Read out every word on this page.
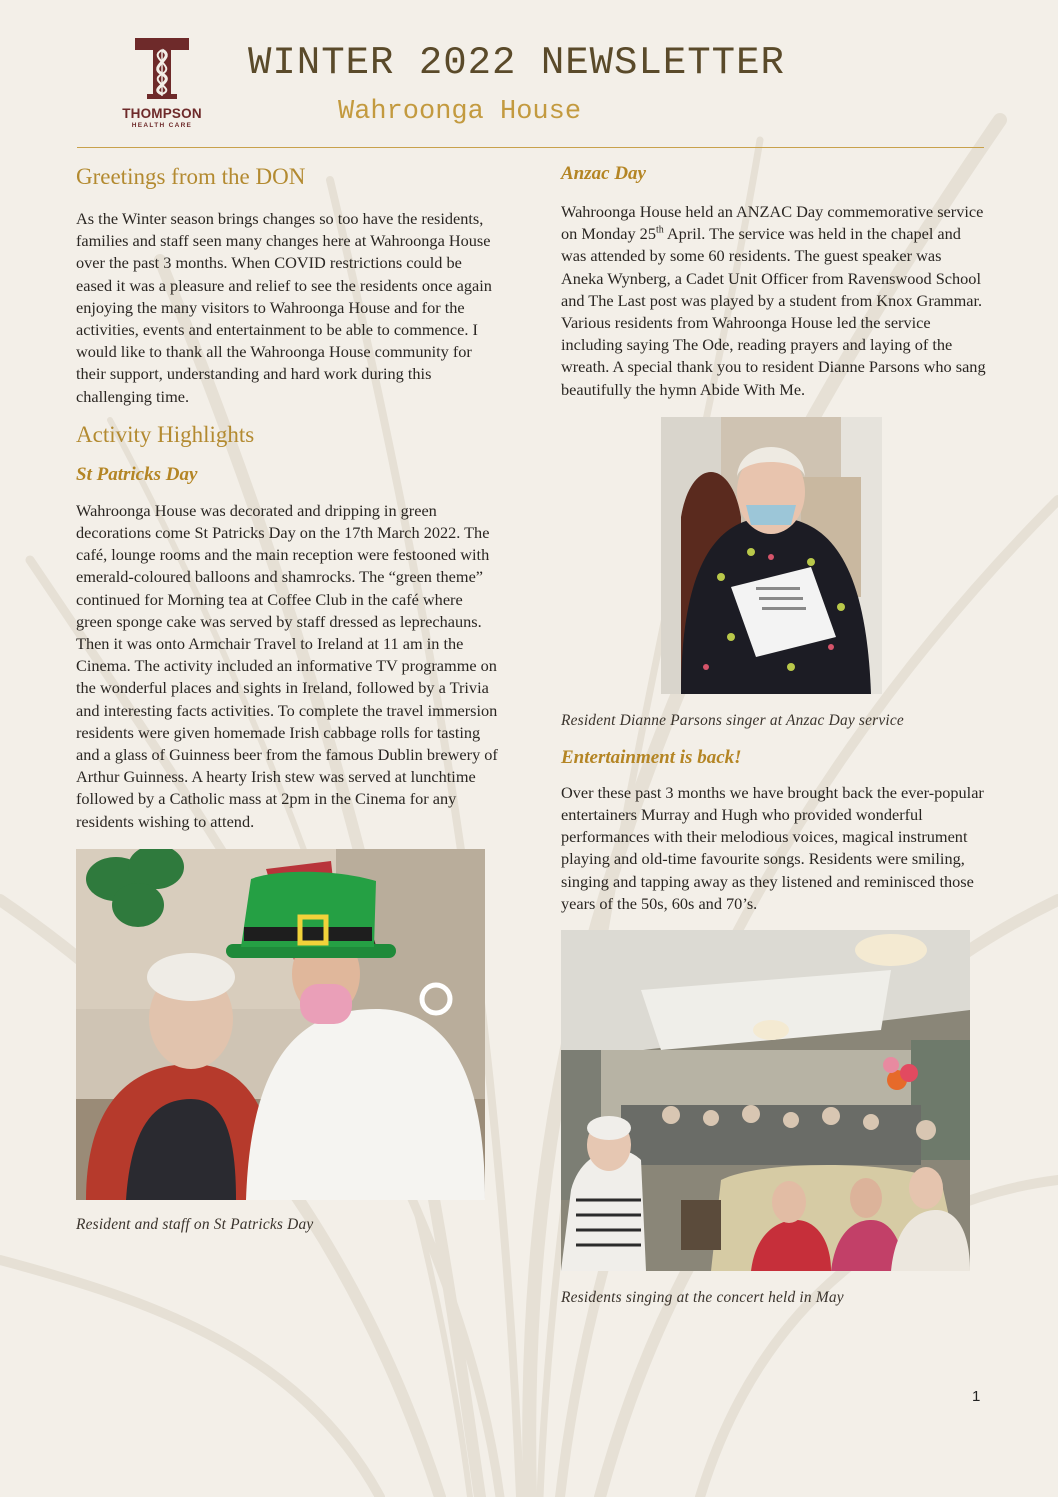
THOMPSON
HEALTH CARE
WINTER 2022 NEWSLETTER
Wahroonga House
Greetings from the DON

As the Winter season brings changes so too have the residents, families and staff seen many changes here at Wahroonga House over the past 3 months. When COVID restrictions could be eased it was a pleasure and relief to see the residents once again enjoying the many visitors to Wahroonga House and for the activities, events and entertainment to be able to commence. I would like to thank all the Wahroonga House community for their support, understanding and hard work during this challenging time.

Activity Highlights
St Patricks Day

Wahroonga House was decorated and dripping in green decorations come St Patricks Day on the 17th March 2022. The café, lounge rooms and the main reception were festooned with emerald-coloured balloons and shamrocks. The “green theme” continued for Morning tea at Coffee Club in the café where green sponge cake was served by staff dressed as leprechauns. Then it was onto Armchair Travel to Ireland at 11 am in the Cinema. The activity included an informative TV programme on the wonderful places and sights in Ireland, followed by a Trivia and interesting facts activities. To complete the travel immersion residents were given homemade Irish cabbage rolls for tasting and a glass of Guinness beer from the famous Dublin brewery of Arthur Guinness. A hearty Irish stew was served at lunchtime followed by a Catholic mass at 2pm in the Cinema for any residents wishing to attend.

Resident and staff on St Patricks Day

Anzac Day

Wahroonga House held an ANZAC Day commemorative service on Monday 25th April. The service was held in the chapel and was attended by some 60 residents. The guest speaker was Aneka Wynberg, a Cadet Unit Officer from Ravenswood School and The Last post was played by a student from Knox Grammar. Various residents from Wahroonga House led the service including saying The Ode, reading prayers and laying of the wreath. A special thank you to resident Dianne Parsons who sang beautifully the hymn Abide With Me.

Resident Dianne Parsons singer at Anzac Day service

Entertainment is back!

Over these past 3 months we have brought back the ever-popular entertainers Murray and Hugh who provided wonderful performances with their melodious voices, magical instrument playing and old-time favourite songs. Residents were smiling, singing and tapping away as they listened and reminisced those years of the 50s, 60s and 70’s.

Residents singing at the concert held in May

1
